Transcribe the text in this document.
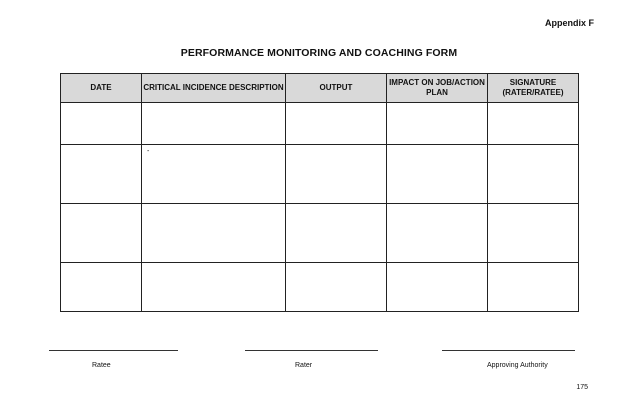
Appendix F
PERFORMANCE MONITORING AND COACHING FORM
DATE	CRITICAL INCIDENCE DESCRIPTION	OUTPUT	IMPACT ON JOB/ACTION PLAN	SIGNATURE (RATER/RATEE)

	-			

Ratee	Rater	Approving Authority
175
